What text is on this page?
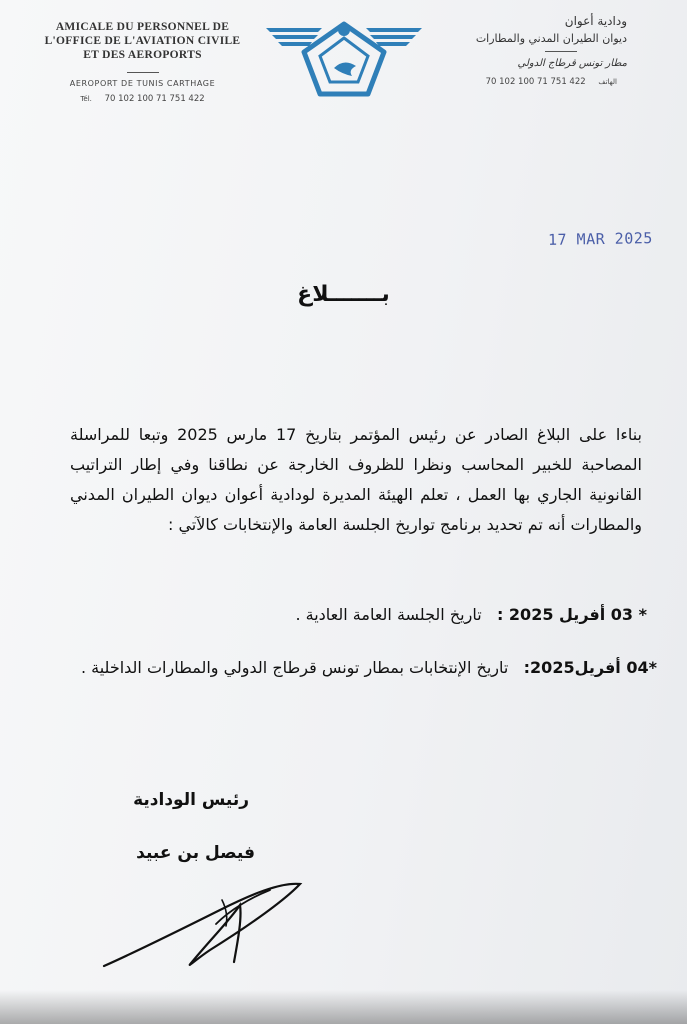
AMICALE DU PERSONNEL DE
L'OFFICE DE L'AVIATION CIVILE
ET DES AEROPORTS
AEROPORT DE TUNIS CARTHAGE
Tél. 70 102 100 71 751 422
ودادية أعوان
ديوان الطيران المدني والمطارات
مطار تونس قرطاج الدولي
70 102 100 71 751 422 الهاتف
17 MAR 2025
بـــــــلاغ
بناءا على البلاغ الصادر عن رئيس المؤتمر بتاريخ 17 مارس 2025 وتبعا للمراسلة المصاحبة للخبير المحاسب ونظرا للظروف الخارجة عن نطاقنا وفي إطار التراتيب القانونية الجاري بها العمل ، تعلم الهيئة المديرة لودادية أعوان ديوان الطيران المدني والمطارات أنه تم تحديد برنامج تواريخ الجلسة العامة والإنتخابات كالآتي :
* 03 أفريل 2025 :   تاريخ الجلسة العامة العادية .
*04 أفريل2025:   تاريخ الإنتخابات بمطار تونس قرطاج الدولي والمطارات الداخلية .
رئيس الودادية
فيصل بن عبيد
